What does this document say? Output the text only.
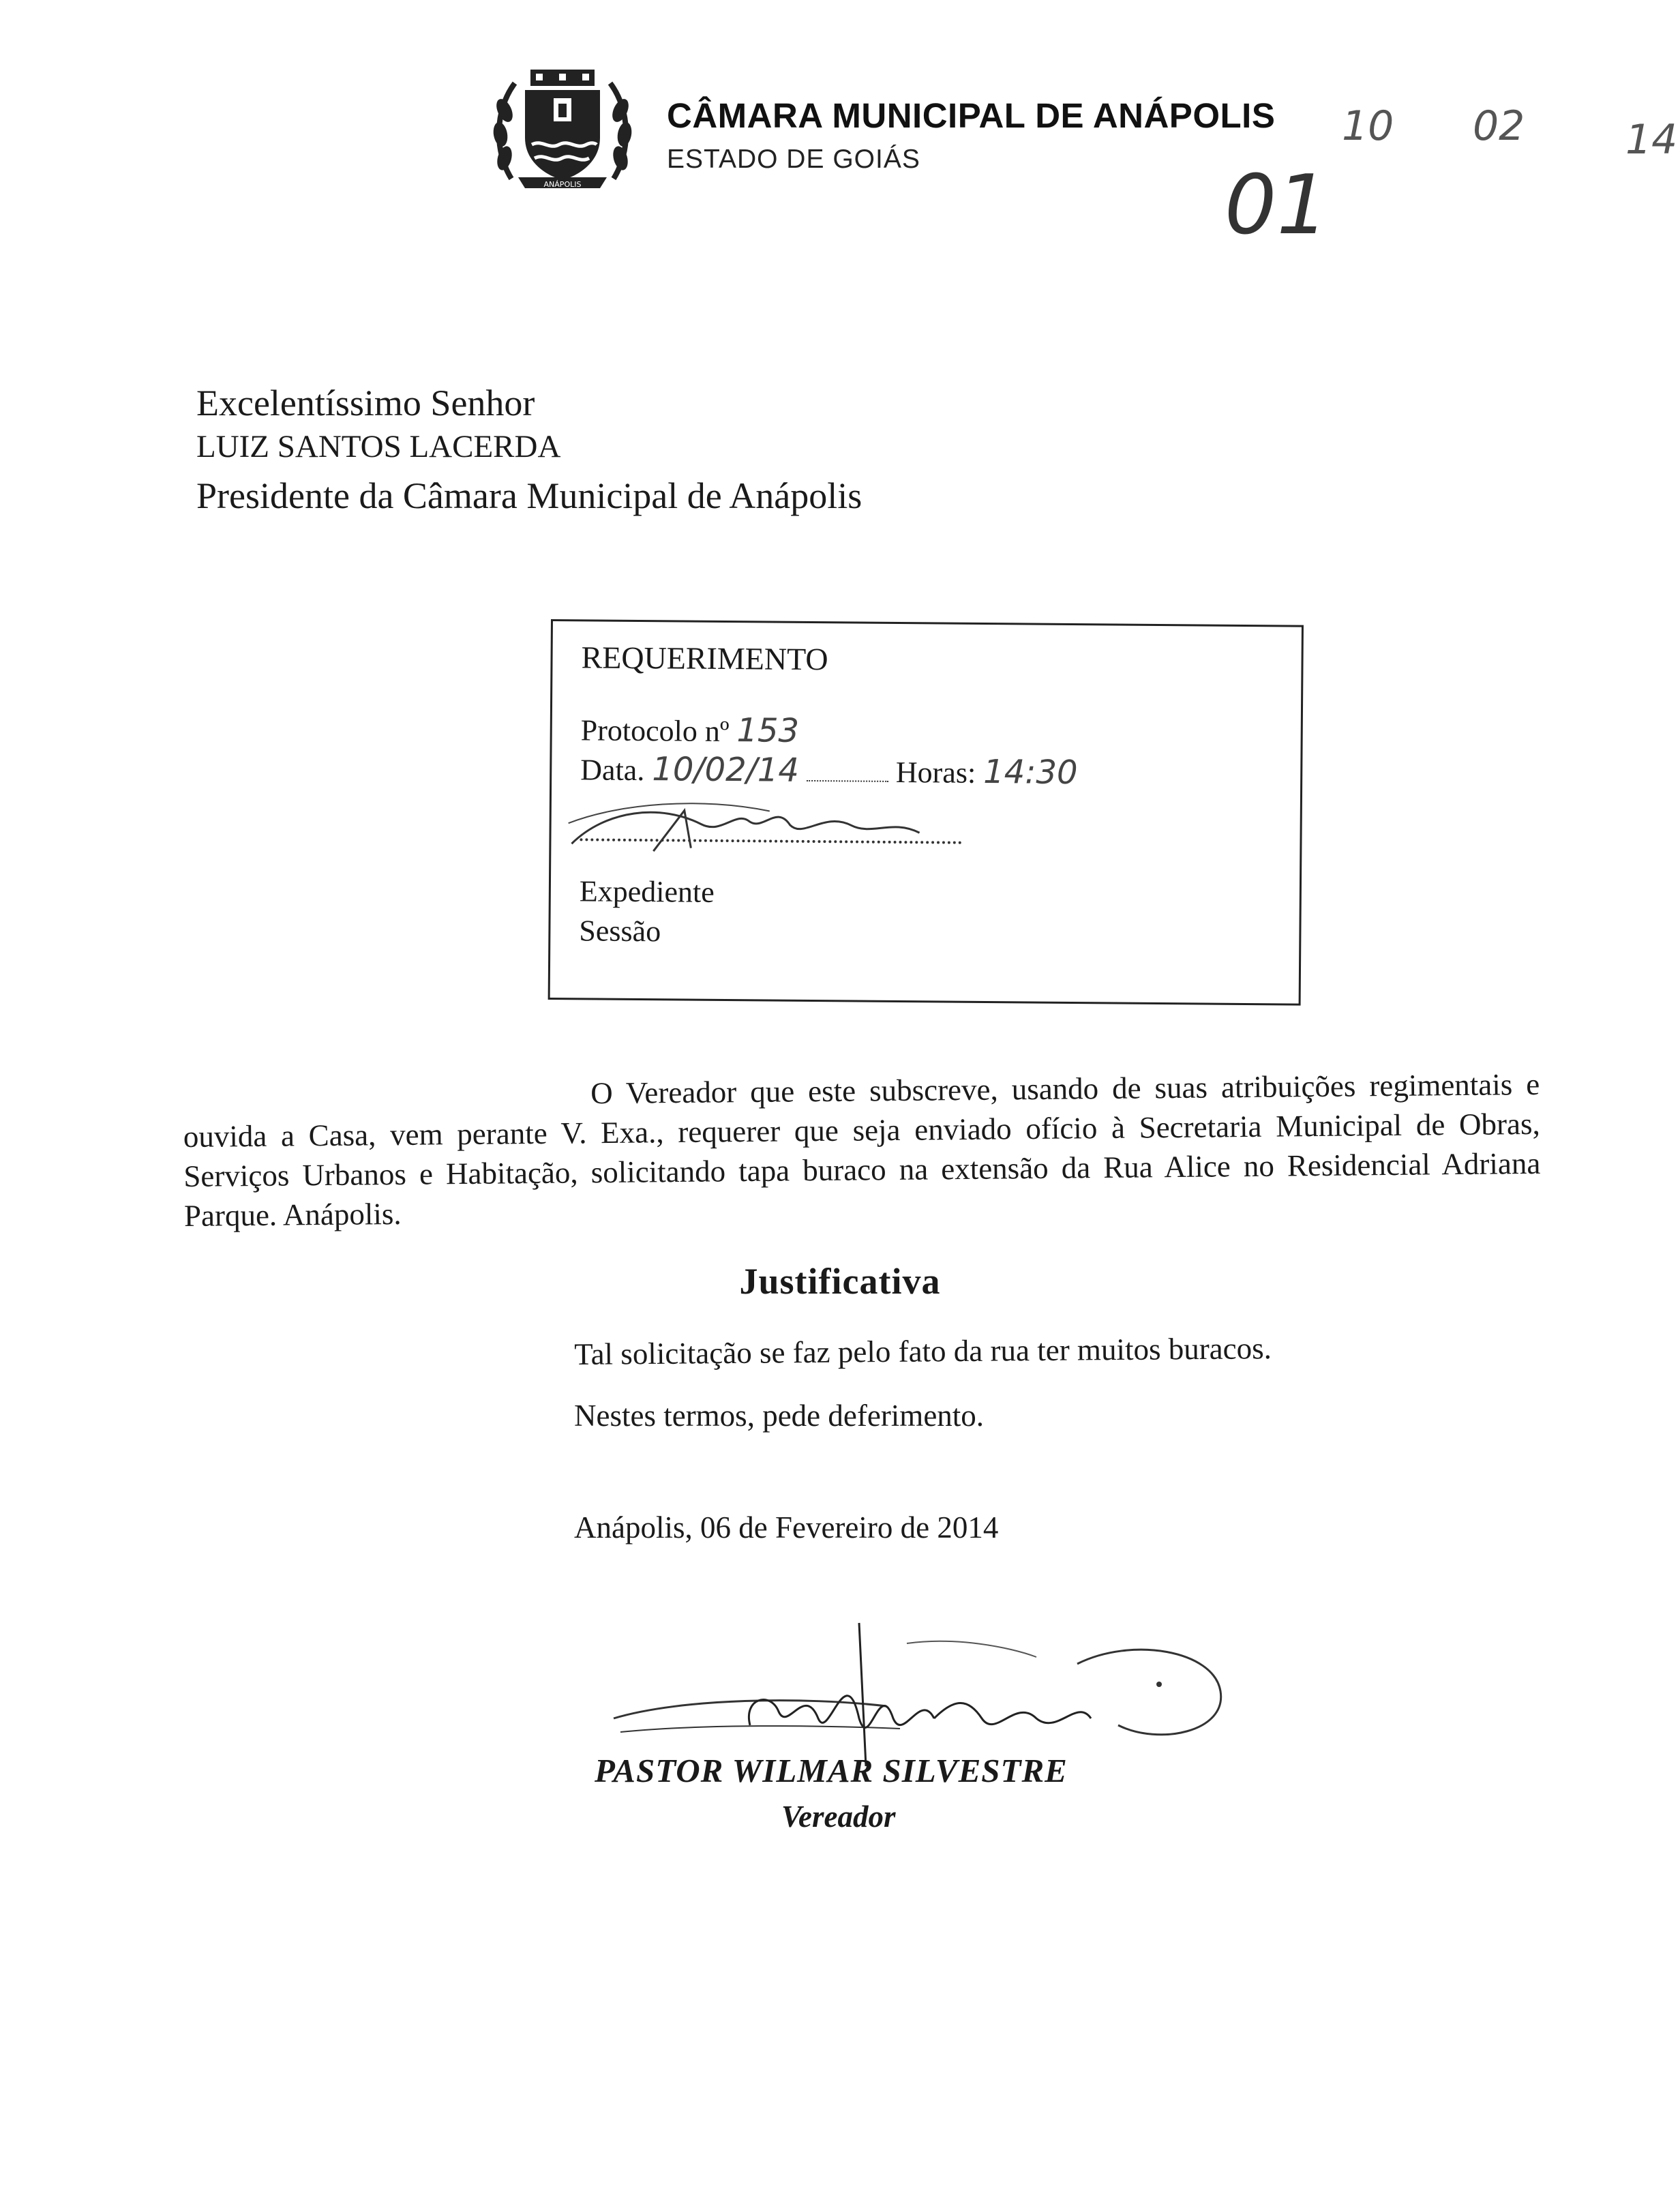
ANÁPOLIS
CÂMARA MUNICIPAL DE ANÁPOLIS
ESTADO DE GOIÁS
10 02 14
01
Excelentíssimo Senhor
LUIZ SANTOS LACERDA
Presidente da Câmara Municipal de Anápolis
REQUERIMENTO
Protocolo nº 153
Data. 10/02/14	Horas: 14:30
Expediente
Sessão
O Vereador que este subscreve, usando de suas atribuições regimentais e ouvida a Casa, vem perante V. Exa., requerer que seja enviado ofício à Secretaria Municipal de Obras, Serviços Urbanos e Habitação, solicitando tapa buraco na extensão da Rua Alice no Residencial Adriana Parque. Anápolis.
Justificativa
Tal solicitação se faz pelo fato da rua ter muitos buracos.
Nestes termos, pede deferimento.
Anápolis, 06 de Fevereiro de 2014
PASTOR WILMAR SILVESTRE
Vereador
